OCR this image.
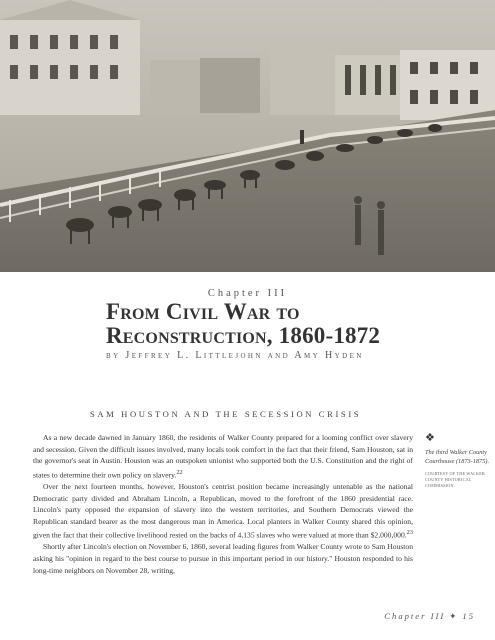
Chapter III
From Civil War to
Reconstruction, 1860-1872
by Jeffrey L. Littlejohn and Amy Hyden
SAM HOUSTON AND THE SECESSION CRISIS

As a new decade dawned in January 1860, the residents of Walker County prepared for a looming conflict over slavery and secession. Given the difficult issues involved, many locals took comfort in the fact that their friend, Sam Houston, sat in the governor's seat in Austin. Houston was an outspoken unionist who supported both the U.S. Constitution and the right of states to determine their own policy on slavery.$^{22}$

Over the next fourteen months, however, Houston's centrist position became increasingly untenable as the national Democratic party divided and Abraham Lincoln, a Republican, moved to the forefront of the 1860 presidential race. Lincoln's party opposed the expansion of slavery into the western territories, and Southern Democrats viewed the Republican standard bearer as the most dangerous man in America. Local planters in Walker County shared this opinion, given the fact that their collective livelihood rested on the backs of 4,135 slaves who were valued at more than $2,000,000.23

Shortly after Lincoln's election on November 6, 1860, several leading figures from Walker County wrote to Sam Houston asking his "opinion in regard to the best course to pursue in this important period in our history." Houston responded to his long-time neighbors on November 28, writing,

❖
The third Walker County Courthouse (1873-1875).
COURTESY OF THE WALKER COUNTY HISTORICAL COMMISSION.
Chapter III ✦ 15
